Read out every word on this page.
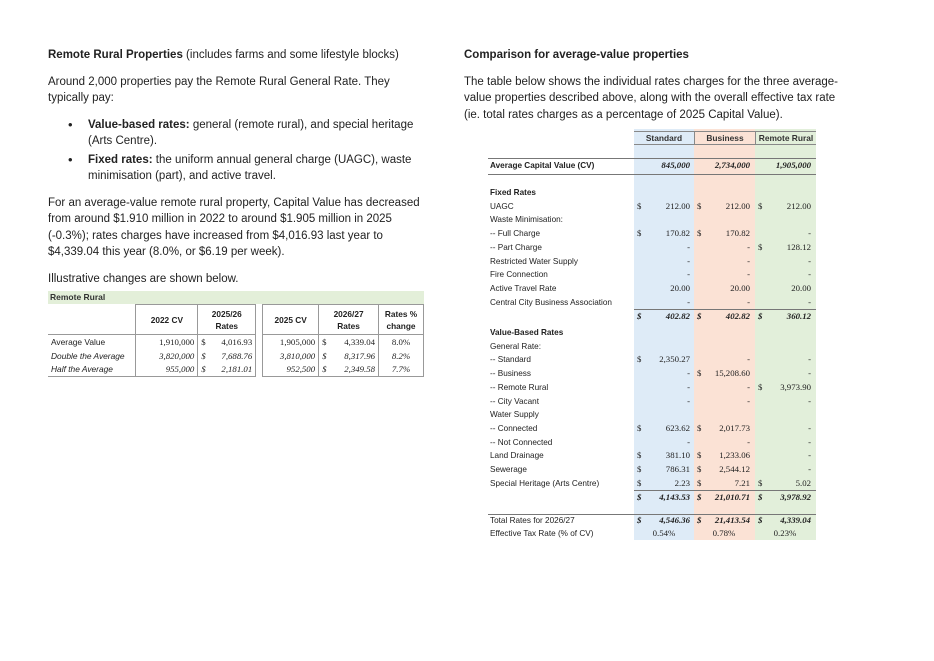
Remote Rural Properties (includes farms and some lifestyle blocks)

Around 2,000 properties pay the Remote Rural General Rate. They typically pay:

• Value-based rates: general (remote rural), and special heritage (Arts Centre).
• Fixed rates: the uniform annual general charge (UAGC), waste minimisation (part), and active travel.

For an average-value remote rural property, Capital Value has decreased from around $1.910 million in 2022 to around $1.905 million in 2025 (-0.3%); rates charges have increased from $4,016.93 last year to $4,339.04 this year (8.0%, or $6.19 per week).

Illustrative changes are shown below.

Remote Rural
	2022 CV	2025/26 Rates			2025 CV	2026/27 Rates		Rates % change
Average Value	1,910,000	$	4,016.93		1,905,000	$	4,339.04	8.0%
Double the Average	3,820,000	$	7,688.76		3,810,000	$	8,317.96	8.2%
Half the Average	955,000	$	2,181.01		952,500	$	2,349.58	7.7%

Comparison for average-value properties

The table below shows the individual rates charges for the three average-value properties described above, along with the overall effective tax rate (ie. total rates charges as a percentage of 2025 Capital Value).

Standard	Business	Remote Rural
Average Capital Value (CV)	845,000	2,734,000	1,905,000
Fixed Rates
UAGC	$	212.00 $	212.00 $	212.00
Waste Minimisation:
-- Full Charge	$	170.82 $	170.82	-
-- Part Charge	-	- $	128.12
Restricted Water Supply	-	-	-
Fire Connection	-	-	-
Active Travel Rate	20.00	20.00	20.00
Central City Business Association	-	-	-
$	402.82 $	402.82 $	360.12
Value-Based Rates
General Rate:
-- Standard	$ 2,350.27	-	-
-- Business	- $ 15,208.60	-
-- Remote Rural	-	- $ 3,973.90
-- City Vacant	-	-	-
Water Supply
-- Connected	$	623.62 $ 2,017.73	-
-- Not Connected	-	-	-
Land Drainage	$	381.10 $ 1,233.06	-
Sewerage	$	786.31 $ 2,544.12	-
Special Heritage (Arts Centre)	$	2.23 $	7.21 $	5.02
$ 4,143.53 $ 21,010.71 $ 3,978.92
Total Rates for 2026/27	$ 4,546.36 $ 21,413.54 $ 4,339.04
Effective Tax Rate (% of CV)	0.54%	0.78%	0.23%
